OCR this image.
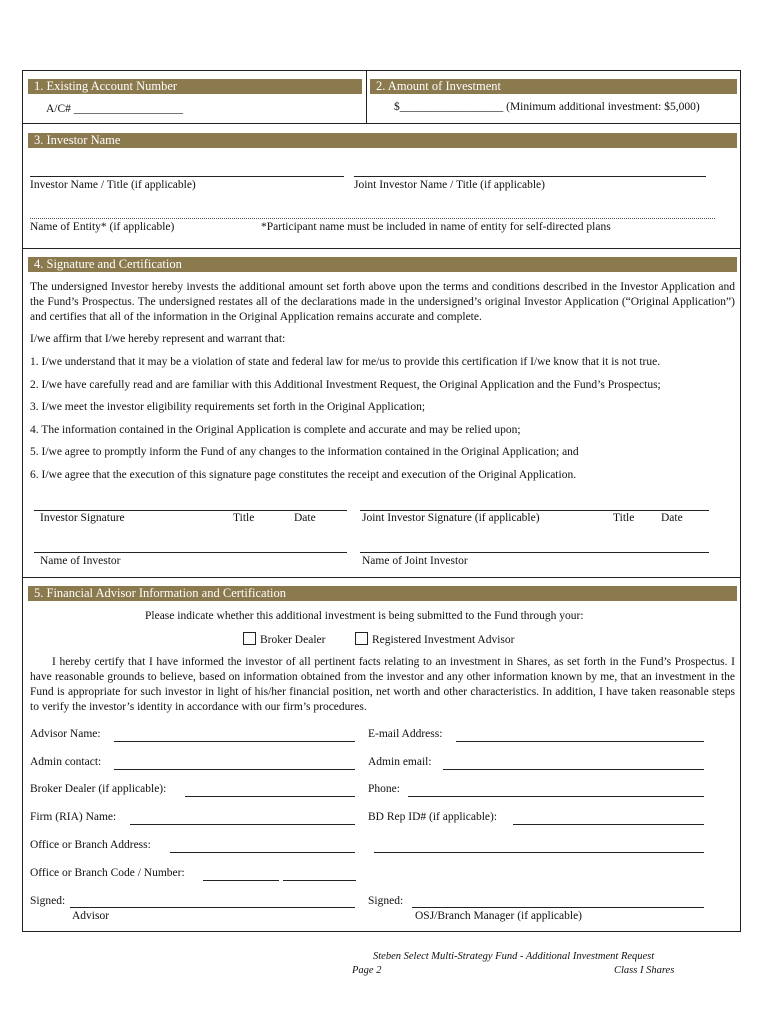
1. Existing Account Number	2. Amount of Investment
A/C# ___________________	$__________________ (Minimum additional investment: $5,000)
3. Investor Name
Investor Name / Title (if applicable)	Joint Investor Name / Title (if applicable)
Name of Entity* (if applicable)	*Participant name must be included in name of entity for self-directed plans
4. Signature and Certification
The undersigned Investor hereby invests the additional amount set forth above upon the terms and conditions described in the Investor Application and the Fund’s Prospectus. The undersigned restates all of the declarations made in the undersigned’s original Investor Application (“Original Application”) and certifies that all of the information in the Original Application remains accurate and complete.
I/we affirm that I/we hereby represent and warrant that:
1. I/we understand that it may be a violation of state and federal law for me/us to provide this certification if I/we know that it is not true.
2. I/we have carefully read and are familiar with this Additional Investment Request, the Original Application and the Fund’s Prospectus;
3. I/we meet the investor eligibility requirements set forth in the Original Application;
4. The information contained in the Original Application is complete and accurate and may be relied upon;
5. I/we agree to promptly inform the Fund of any changes to the information contained in the Original Application; and
6. I/we agree that the execution of this signature page constitutes the receipt and execution of the Original Application.
Investor Signature	Title	Date	Joint Investor Signature (if applicable)	Title Date
Name of Investor	Name of Joint Investor
5. Financial Advisor Information and Certification
Please indicate whether this additional investment is being submitted to the Fund through your:
Broker Dealer	Registered Investment Advisor
I hereby certify that I have informed the investor of all pertinent facts relating to an investment in Shares, as set forth in the Fund’s Prospectus. I have reasonable grounds to believe, based on information obtained from the investor and any other information known by me, that an investment in the Fund is appropriate for such investor in light of his/her financial position, net worth and other characteristics. In addition, I have taken reasonable steps to verify the investor’s identity in accordance with our firm’s procedures.
Advisor Name:	E-mail Address:
Admin contact:	Admin email:
Broker Dealer (if applicable):	Phone:
Firm (RIA) Name:	BD Rep ID# (if applicable):
Office or Branch Address:
Office or Branch Code / Number:
Signed:
Advisor
Signed:
OSJ/Branch Manager (if applicable)
Steben Select Multi-Strategy Fund - Additional Investment Request
Page 2	Class I Shares
